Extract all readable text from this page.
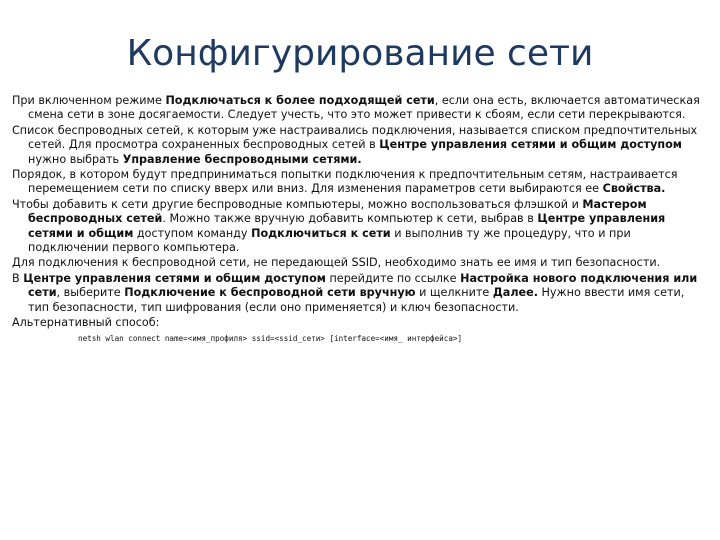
Конфигурирование сети
При включенном режиме Подключаться к более подходящей сети, если она есть, включается автоматическая смена сети в зоне досягаемости. Следует учесть, что это может привести к сбоям, если сети перекрываются.
Список беспроводных сетей, к которым уже настраивались подключения, называется списком предпочтительных сетей. Для просмотра сохраненных беспроводных сетей в Центре управления сетями и общим доступом нужно выбрать Управление беспроводными сетями.
Порядок, в котором будут предприниматься попытки подключения к предпочтительным сетям, настраивается перемещением сети по списку вверх или вниз. Для изменения параметров сети выбираются ее Свойства.
Чтобы добавить к сети другие беспроводные компьютеры, можно воспользоваться флэшкой и Мастером беспроводных сетей. Можно также вручную добавить компьютер к сети, выбрав в Центре управления сетями и общим доступом команду Подключиться к сети и выполнив ту же процедуру, что и при подключении первого компьютера.
Для подключения к беспроводной сети, не передающей SSID, необходимо знать ее имя и тип безопасности.
В Центре управления сетями и общим доступом перейдите по ссылке Настройка нового подключения или сети, выберите Подключение к беспроводной сети вручную и щелкните Далее. Нужно ввести имя сети, тип безопасности, тип шифрования (если оно применяется) и ключ безопасности.
Альтернативный способ:
netsh wlan connect name=<имя_профиля> ssid=<ssid_сети> [interface=<имя_ интерфейса>]
